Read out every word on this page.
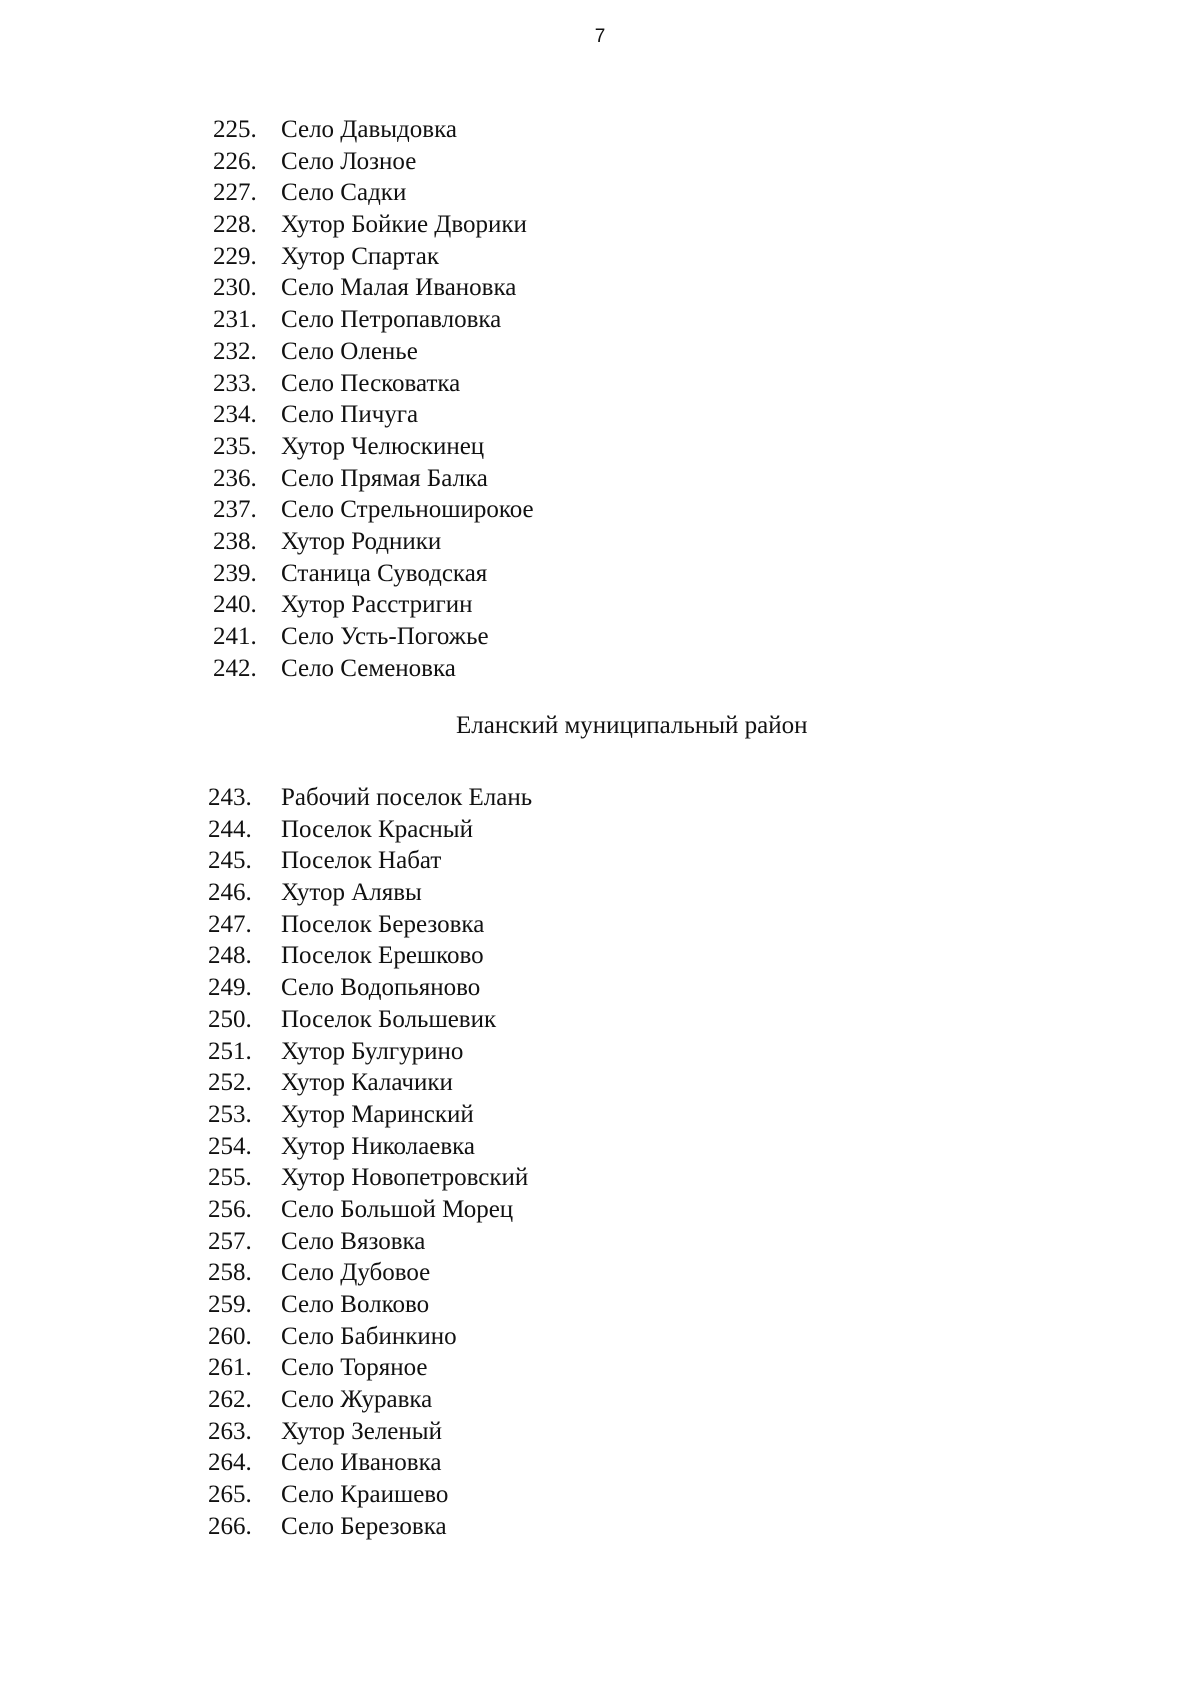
7
225. Село Давыдовка
226. Село Лозное
227. Село Садки
228. Хутор Бойкие Дворики
229. Хутор Спартак
230. Село Малая Ивановка
231. Село Петропавловка
232. Село Оленье
233. Село Песковатка
234. Село Пичуга
235. Хутор Челюскинец
236. Село Прямая Балка
237. Село Стрельноширокое
238. Хутор Родники
239. Станица Суводская
240. Хутор Расстригин
241. Село Усть-Погожье
242. Село Семеновка
Еланский муниципальный район
243. Рабочий поселок Елань
244. Поселок Красный
245. Поселок Набат
246. Хутор Алявы
247. Поселок Березовка
248. Поселок Ерешково
249. Село Водопьяново
250. Поселок Большевик
251. Хутор Булгурино
252. Хутор Калачики
253. Хутор Маринский
254. Хутор Николаевка
255. Хутор Новопетровский
256. Село Большой Морец
257. Село Вязовка
258. Село Дубовое
259. Село Волково
260. Село Бабинкино
261. Село Торяное
262. Село Журавка
263. Хутор Зеленый
264. Село Ивановка
265. Село Краишево
266. Село Березовка
